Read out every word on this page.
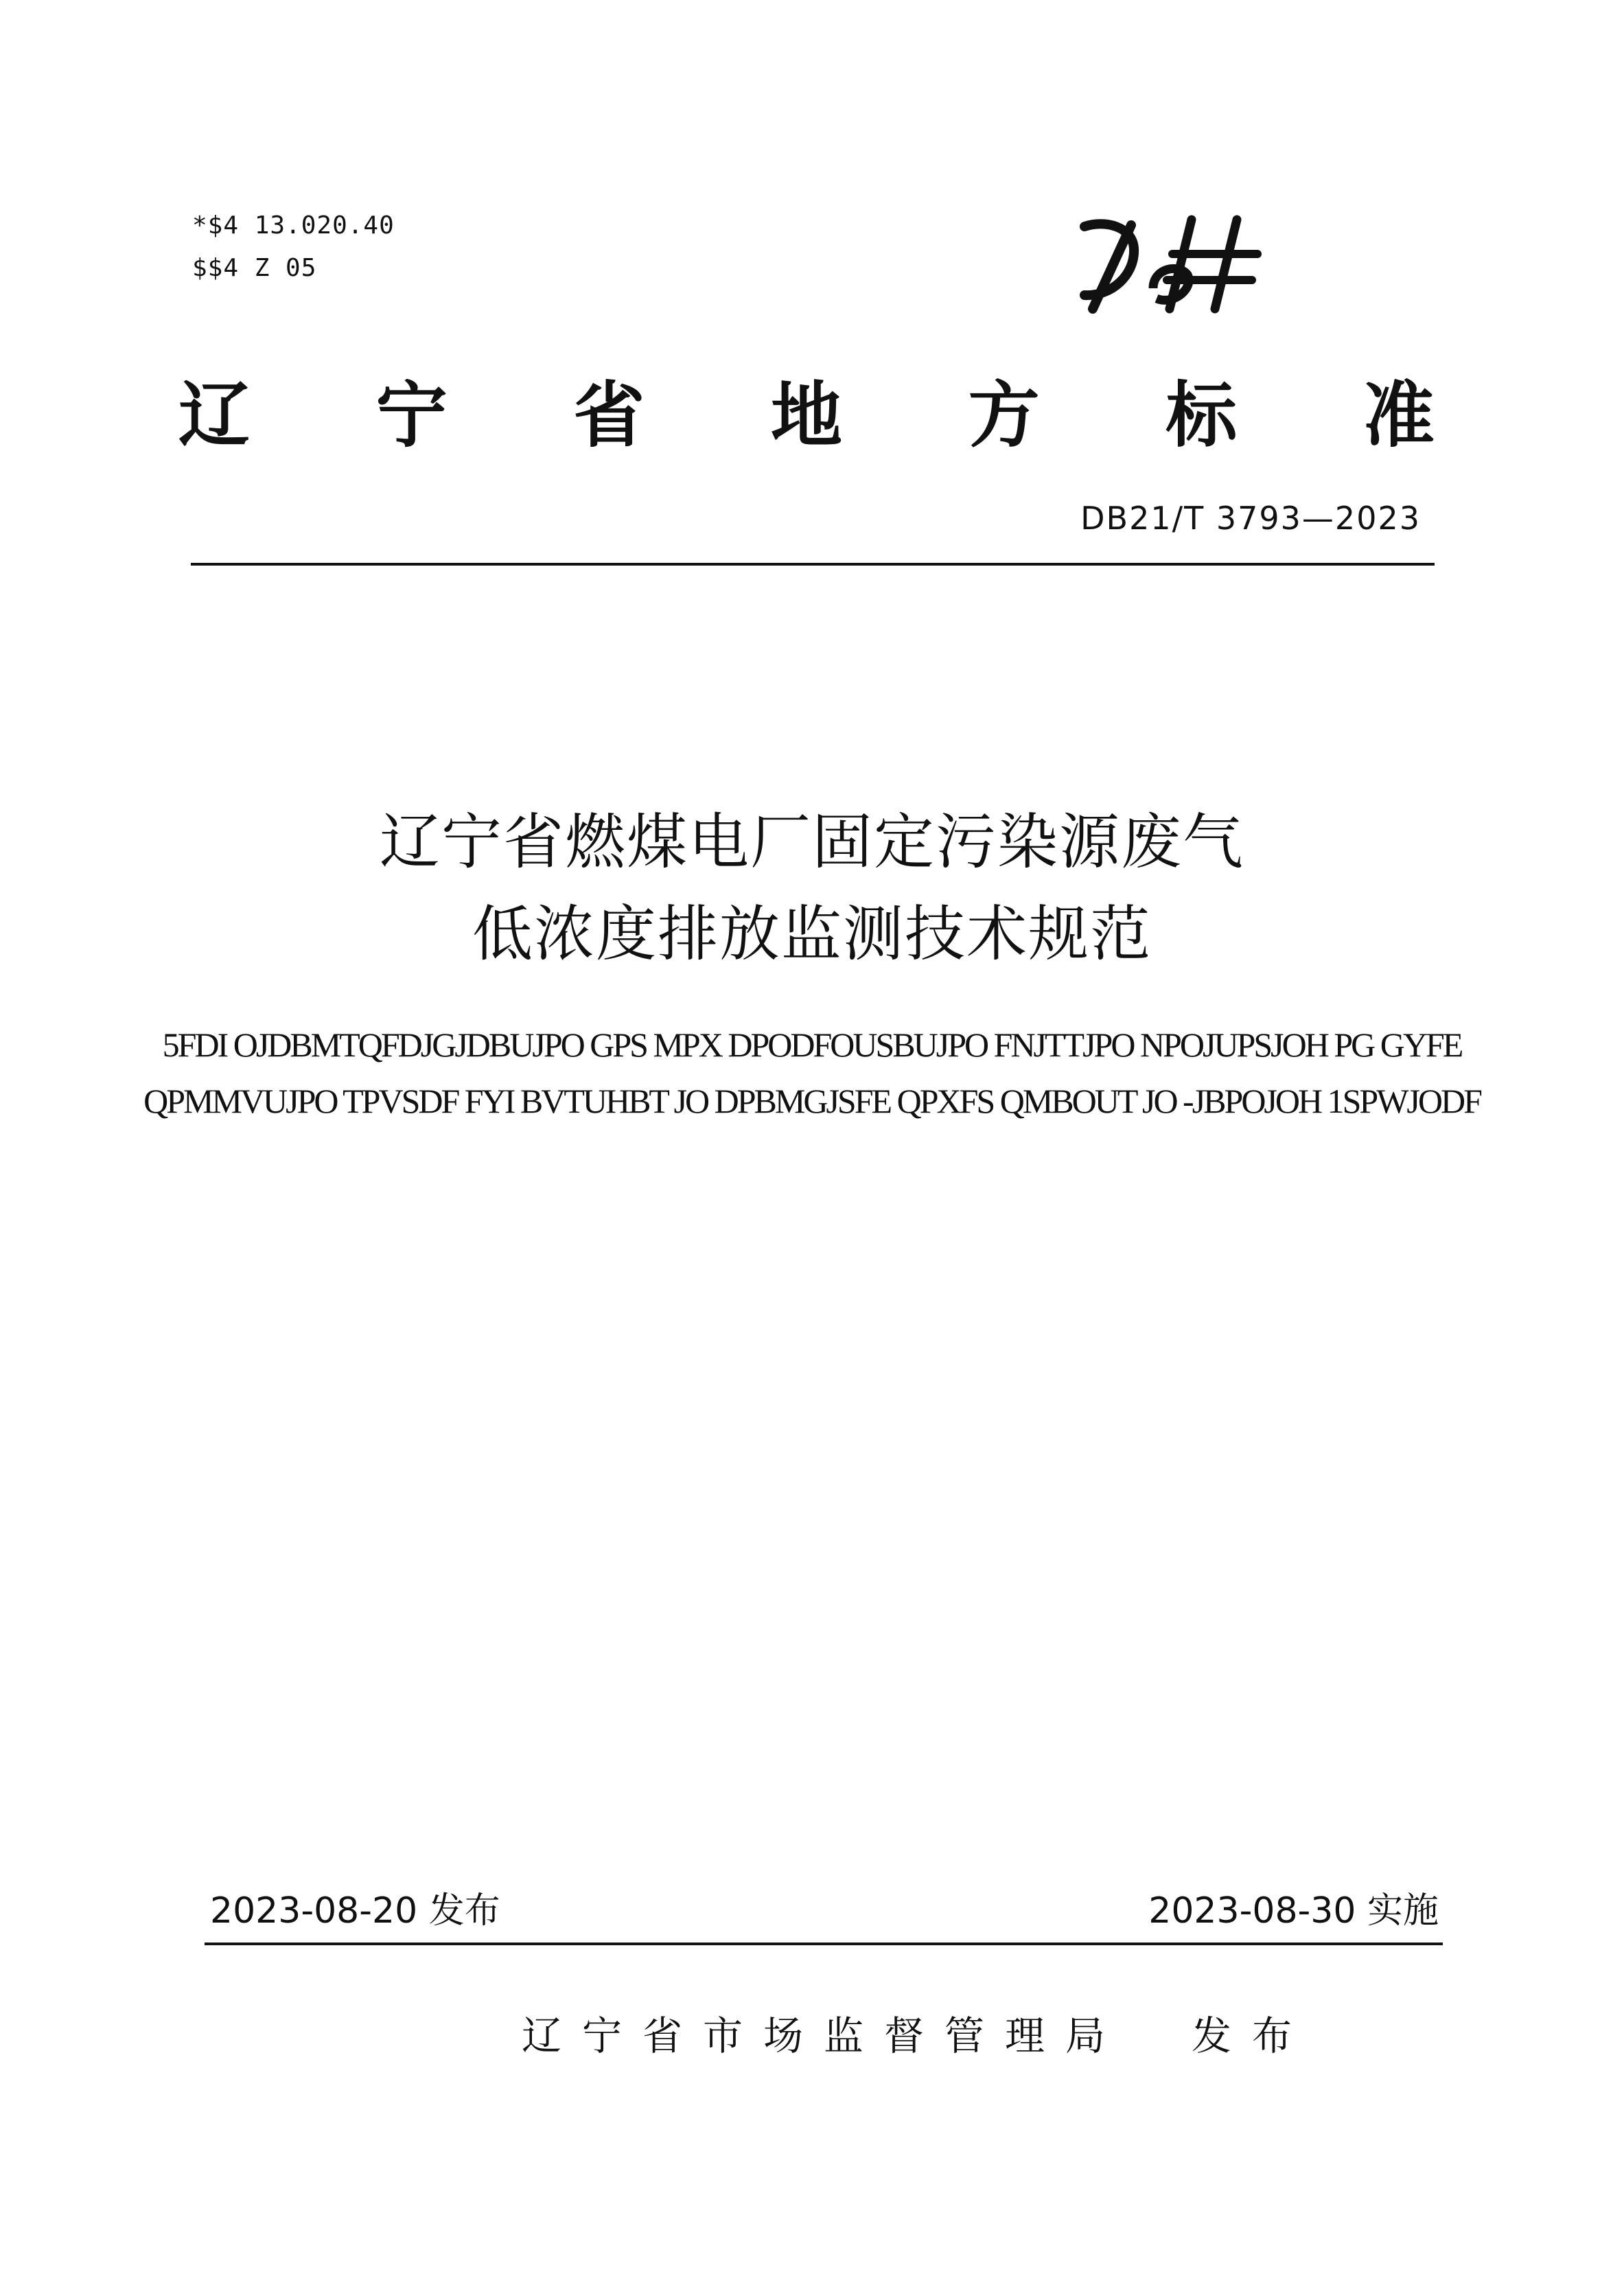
*$4 13.020.40
$$4 Z 05
辽 宁 省 地 方 标 准
DB21/T 3793—2023
辽宁省燃煤电厂固定污染源废气
低浓度排放监测技术规范
5FDI OJDBMTQFDJGJDBUJPO GPS MPX DPODFOUSBUJPO FNJTTJPO NPOJUPSJOH PG GYFE
QPMMVUJPO TPVSDF FYI BVTUHBT JO DPBMGJSFE QPXFS QMBOUT JO -JBPOJOH 1SPWJODF
2023-08-20 发布	2023-08-30 实施
辽宁省市场监督管理局 发布
